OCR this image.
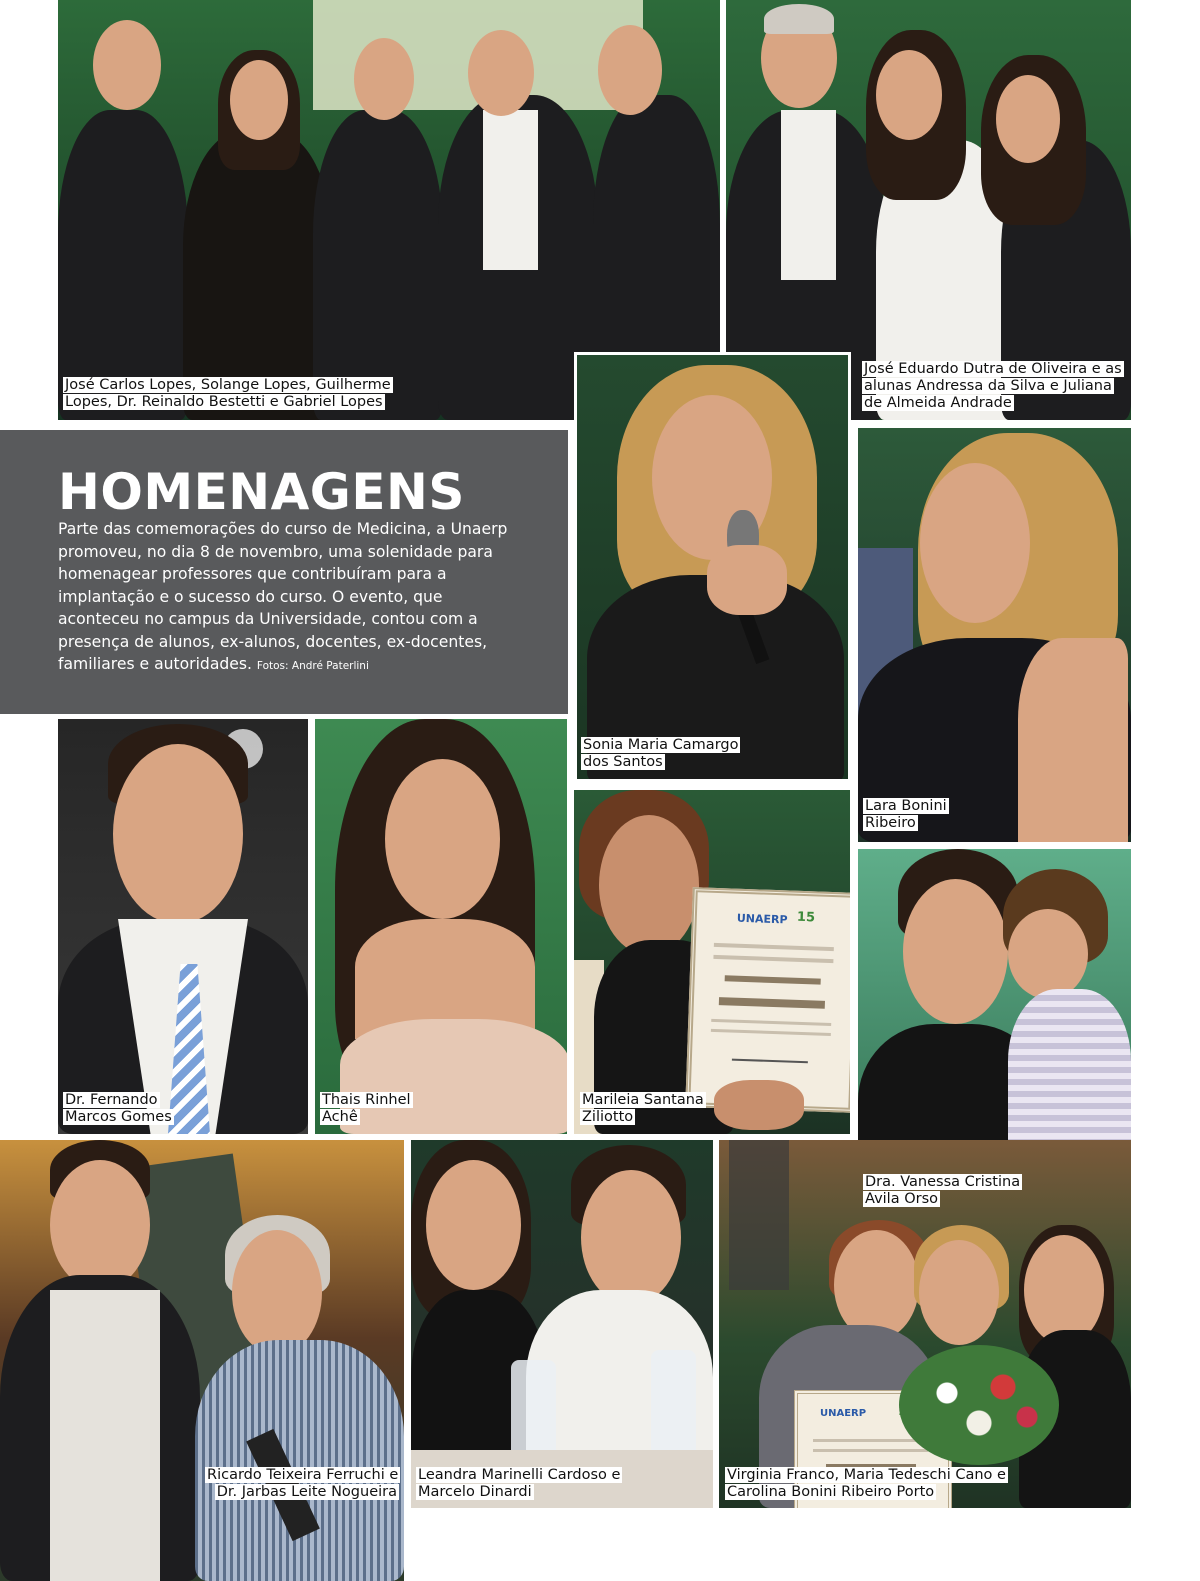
José Carlos Lopes, Solange Lopes, Guilherme Lopes, Dr. Reinaldo Bestetti e Gabriel Lopes
José Eduardo Dutra de Oliveira e as alunas Andressa da Silva e Juliana de Almeida Andrade
HOMENAGENS

Parte das comemorações do curso de Medicina, a Unaerp promoveu, no dia 8 de novembro, uma solenidade para homenagear professores que contribuíram para a implantação e o sucesso do curso. O evento, que aconteceu no campus da Universidade, contou com a presença de alunos, ex-alunos, docentes, ex-docentes, familiares e autoridades. Fotos: André Paterlini

Sonia Maria Camargo dos Santos
Lara Bonini Ribeiro
Dr. Fernando Marcos Gomes
Thais Rinhel Achê
UNAERP 15
Marileia Santana Ziliotto
Dra. Vanessa Cristina Avila Orso
Ricardo Teixeira Ferruchi e Dr. Jarbas Leite Nogueira
Leandra Marinelli Cardoso e Marcelo Dinardi
UNAERP
Virginia Franco, Maria Tedeschi Cano e Carolina Bonini Ribeiro Porto
